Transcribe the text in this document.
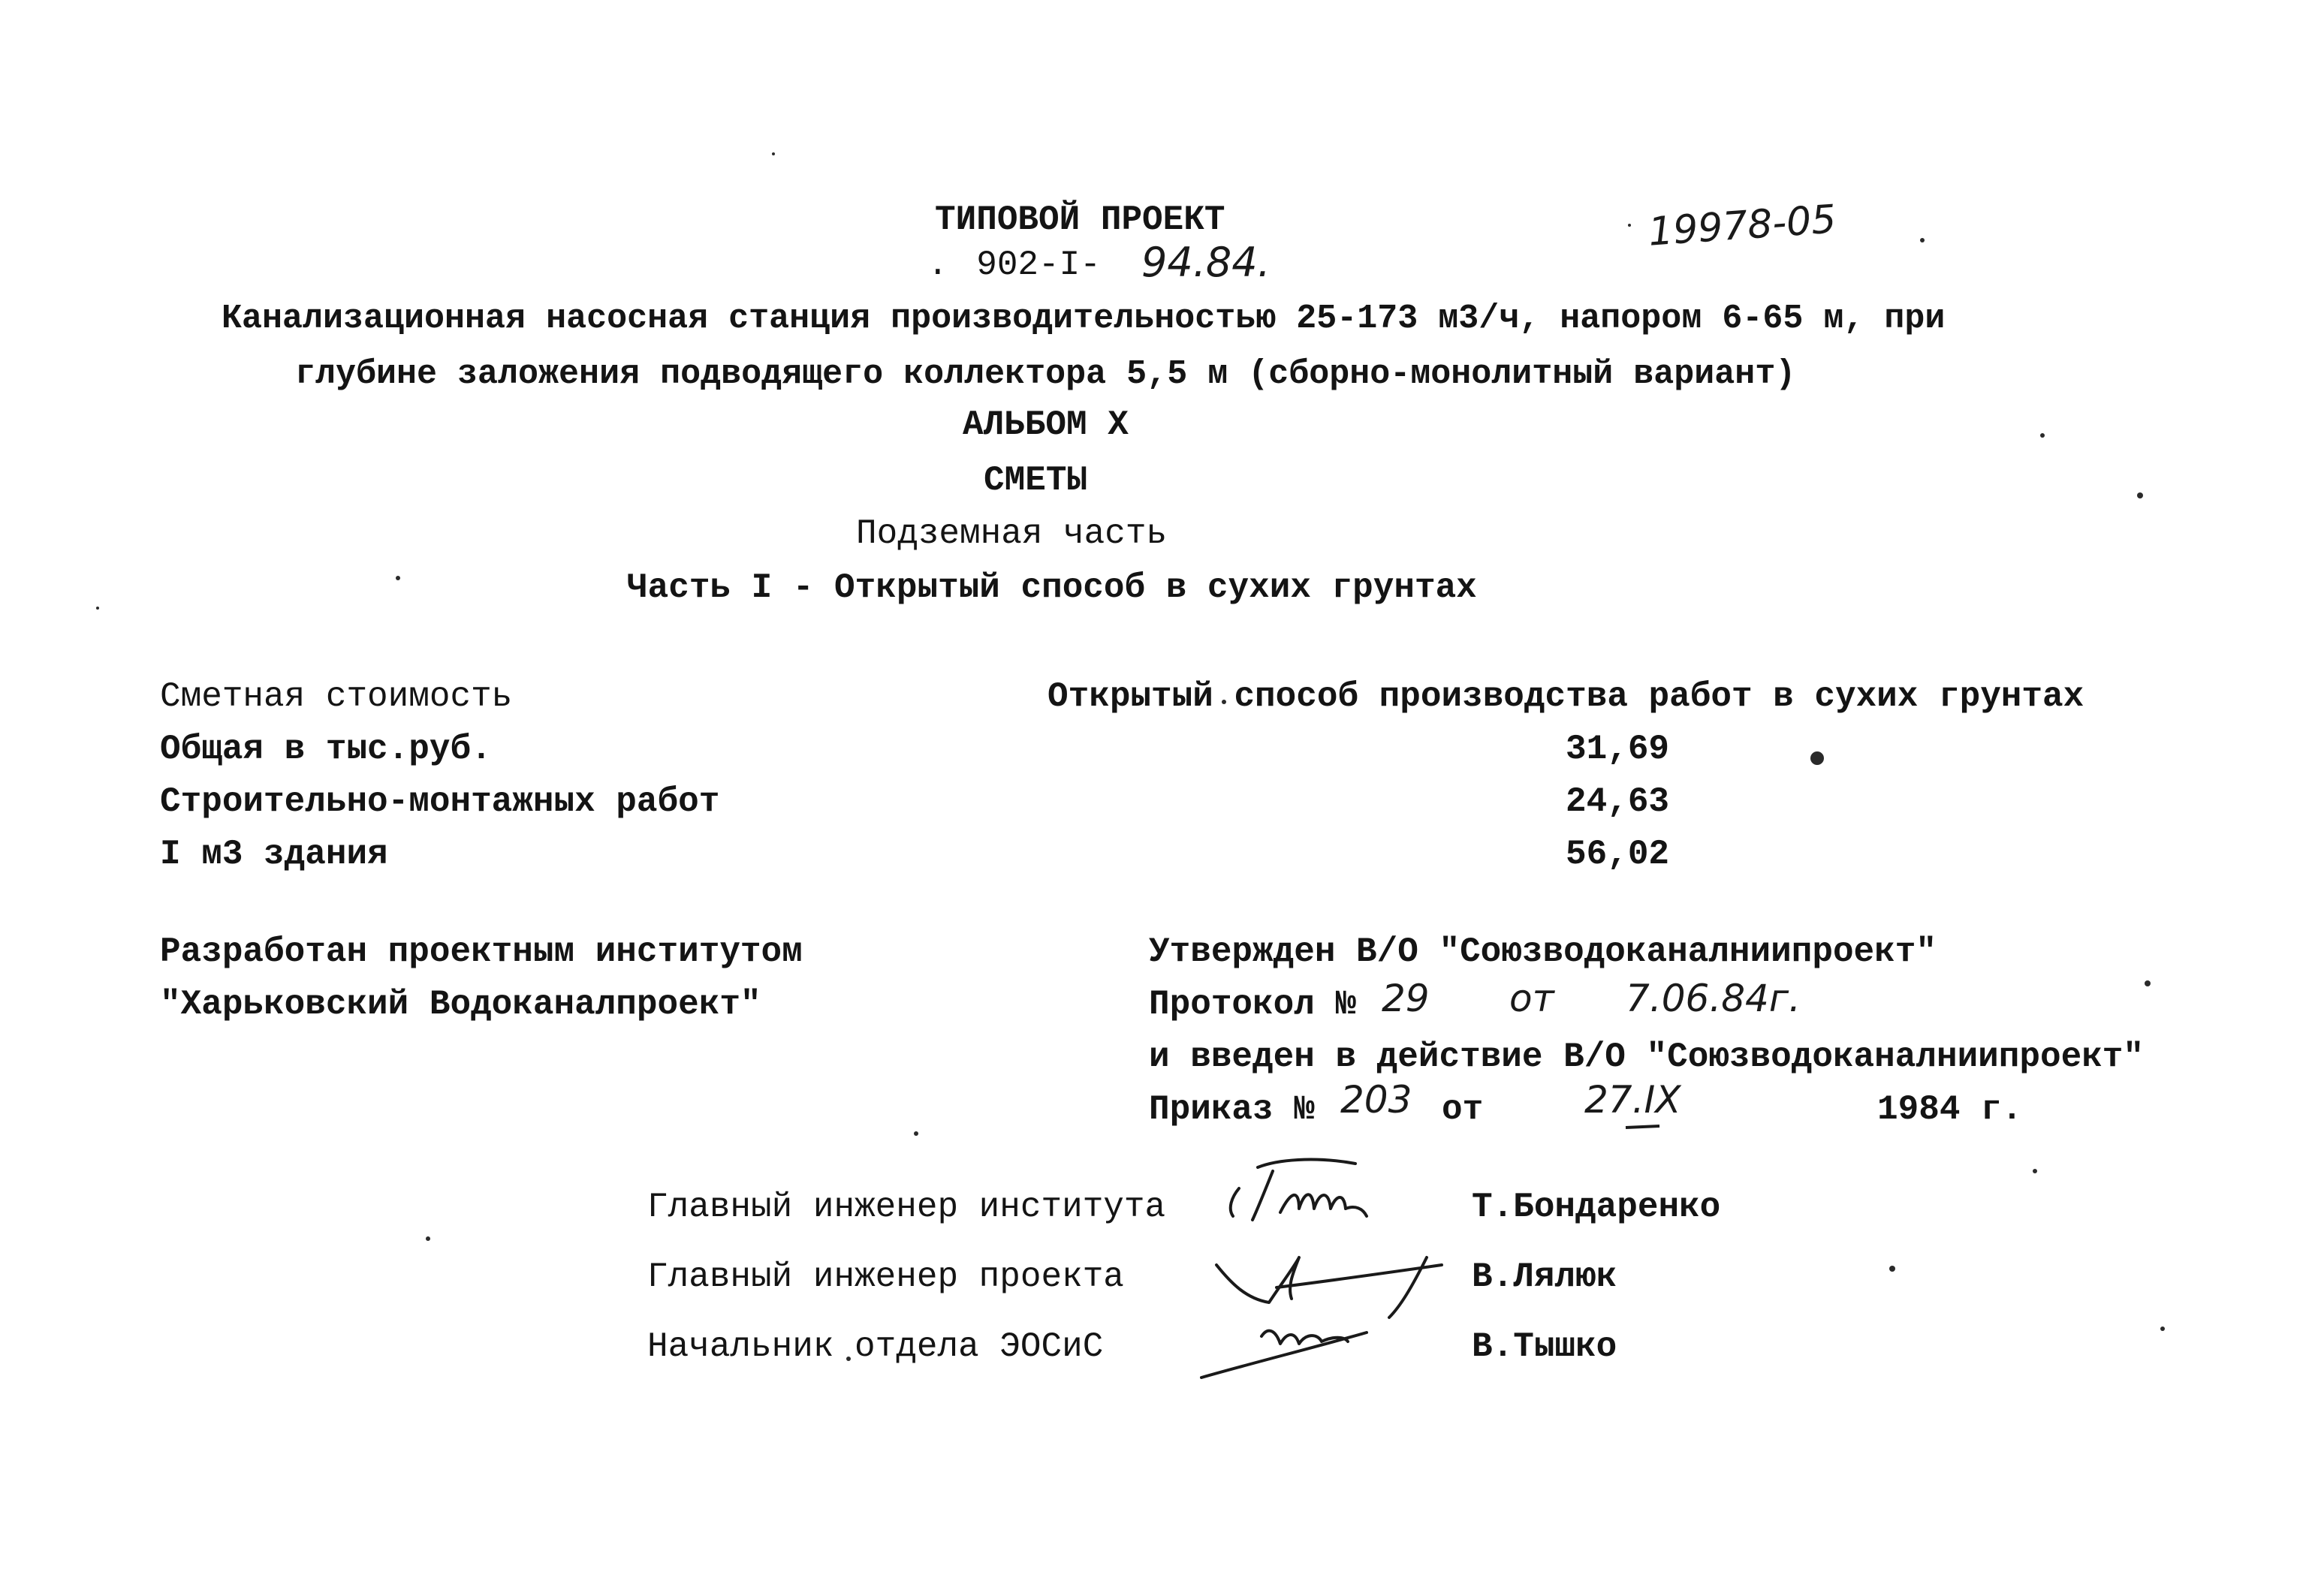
ТИПОВОЙ ПРОЕКТ
. 902-I- 94.84.
19978-05
Канализационная насосная станция производительностью 25-173 м3/ч, напором 6-65 м, при
глубине заложения подводящего коллектора 5,5 м (сборно-монолитный вариант)
АЛЬБОМ X
СМЕТЫ
Подземная часть
Часть I - Открытый способ в сухих грунтах
Сметная стоимость	Открытый способ производства работ в сухих грунтах
Общая в тыс.руб.	31,69
Строительно-монтажных работ	24,63
I м3 здания	56,02
Разработан проектным институтом
"Харьковский Водоканалпроект"
Утвержден В/О "Союзводоканалниипроект"
Протокол № 29 от 7.06.84г.
и введен в действие В/О "Союзводоканалниипроект"
Приказ № 203 от	27.IX	1984 г.
Главный инженер института	Т.Бондаренко
Главный инженер проекта	В.Лялюк
Начальник отдела ЭОСиС	В.Тышко
